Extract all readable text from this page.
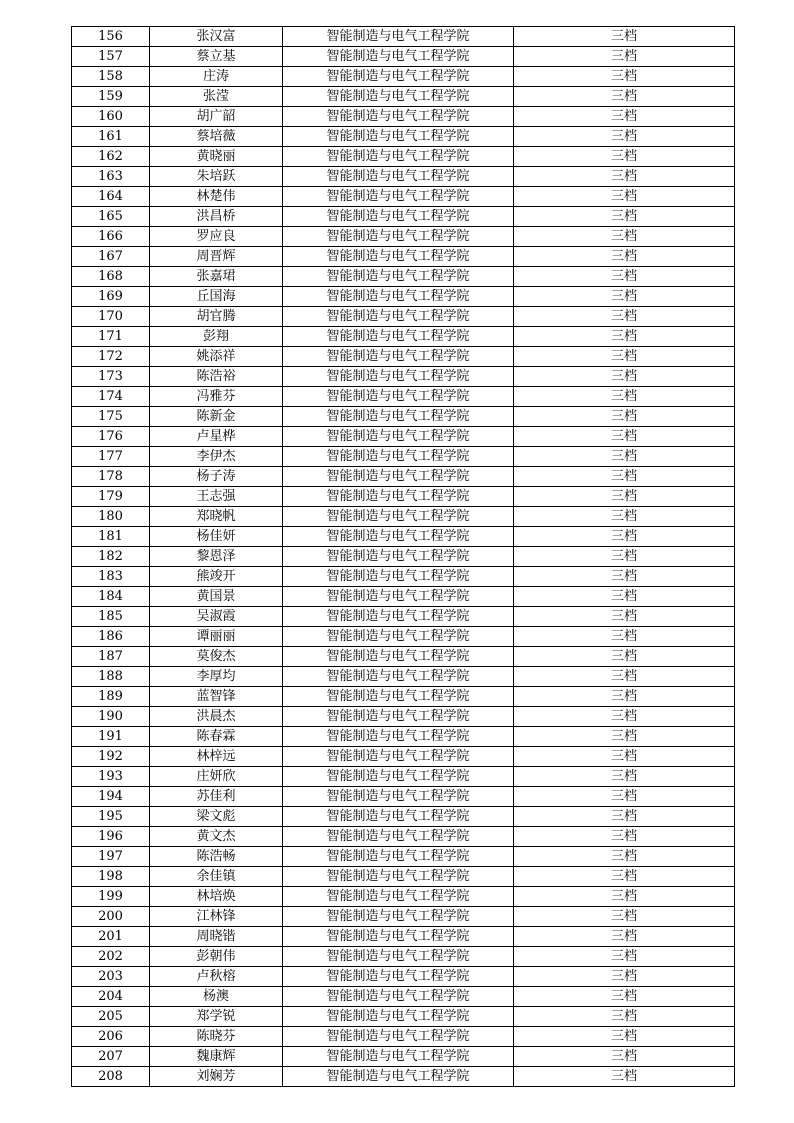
156	张汉富	智能制造与电气工程学院	三档
157	蔡立基	智能制造与电气工程学院	三档
158	庄涛	智能制造与电气工程学院	三档
159	张滢	智能制造与电气工程学院	三档
160	胡广韶	智能制造与电气工程学院	三档
161	蔡培薇	智能制造与电气工程学院	三档
162	黄晓丽	智能制造与电气工程学院	三档
163	朱培跃	智能制造与电气工程学院	三档
164	林楚伟	智能制造与电气工程学院	三档
165	洪昌桥	智能制造与电气工程学院	三档
166	罗应良	智能制造与电气工程学院	三档
167	周晋辉	智能制造与电气工程学院	三档
168	张嘉珺	智能制造与电气工程学院	三档
169	丘国海	智能制造与电气工程学院	三档
170	胡官腾	智能制造与电气工程学院	三档
171	彭翔	智能制造与电气工程学院	三档
172	姚添祥	智能制造与电气工程学院	三档
173	陈浩裕	智能制造与电气工程学院	三档
174	冯雅芬	智能制造与电气工程学院	三档
175	陈新金	智能制造与电气工程学院	三档
176	卢星桦	智能制造与电气工程学院	三档
177	李伊杰	智能制造与电气工程学院	三档
178	杨子涛	智能制造与电气工程学院	三档
179	王志强	智能制造与电气工程学院	三档
180	郑晓帆	智能制造与电气工程学院	三档
181	杨佳妍	智能制造与电气工程学院	三档
182	黎恩泽	智能制造与电气工程学院	三档
183	熊竣开	智能制造与电气工程学院	三档
184	黄国景	智能制造与电气工程学院	三档
185	吴淑霞	智能制造与电气工程学院	三档
186	谭丽丽	智能制造与电气工程学院	三档
187	莫俊杰	智能制造与电气工程学院	三档
188	李厚均	智能制造与电气工程学院	三档
189	蓝智锋	智能制造与电气工程学院	三档
190	洪晨杰	智能制造与电气工程学院	三档
191	陈春霖	智能制造与电气工程学院	三档
192	林梓远	智能制造与电气工程学院	三档
193	庄妍欣	智能制造与电气工程学院	三档
194	苏佳利	智能制造与电气工程学院	三档
195	梁文彪	智能制造与电气工程学院	三档
196	黄文杰	智能制造与电气工程学院	三档
197	陈浩畅	智能制造与电气工程学院	三档
198	余佳镇	智能制造与电气工程学院	三档
199	林培焕	智能制造与电气工程学院	三档
200	江林锋	智能制造与电气工程学院	三档
201	周晓锴	智能制造与电气工程学院	三档
202	彭朝伟	智能制造与电气工程学院	三档
203	卢秋榕	智能制造与电气工程学院	三档
204	杨澳	智能制造与电气工程学院	三档
205	郑学锐	智能制造与电气工程学院	三档
206	陈晓芬	智能制造与电气工程学院	三档
207	魏康辉	智能制造与电气工程学院	三档
208	刘娴芳	智能制造与电气工程学院	三档
